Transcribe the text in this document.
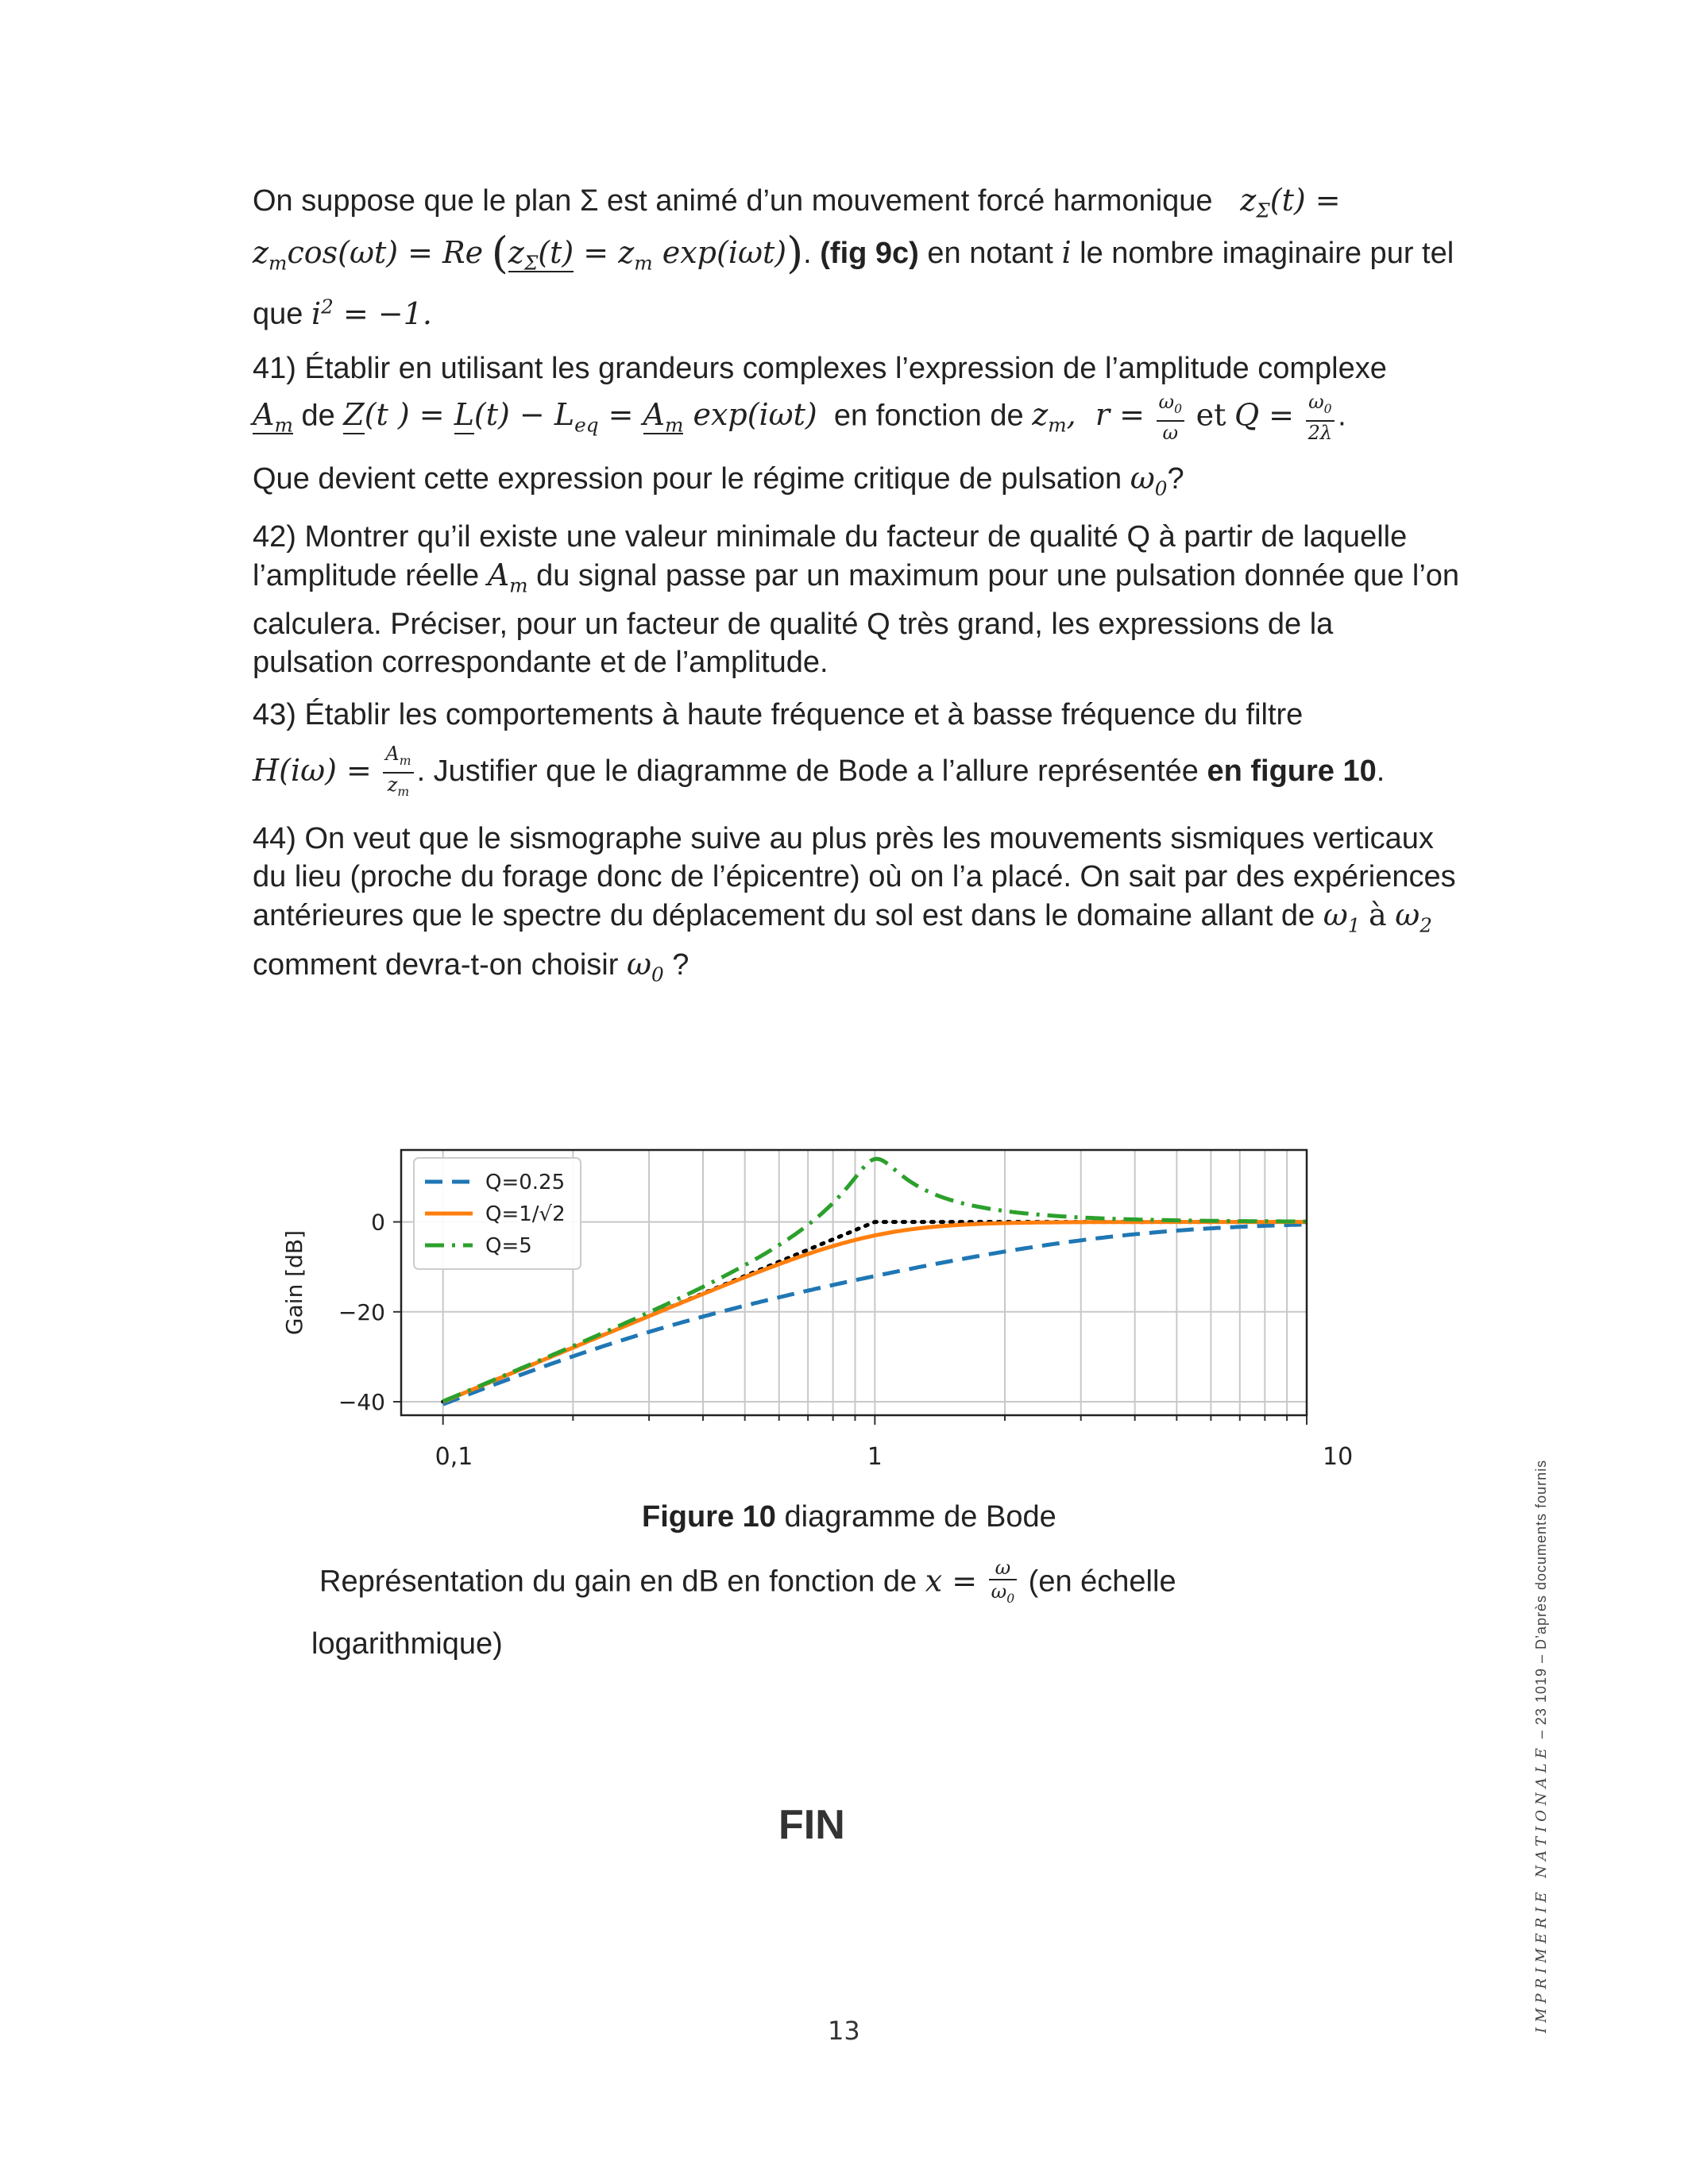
On suppose que le plan Σ est animé d’un mouvement forcé harmonique   $z_\Sigma(t)$ =
$z_m\cos(\omega t) = Re$ ($z_\Sigma(t) = z_m$ exp(iωt)). (fig 9c) en notant i le nombre imaginaire pur tel
que $i^2 = -1$.
41) Établir en utilisant les grandeurs complexes l’expression de l’amplitude complexe
$A_m$ de Z(t ) = $L(t) - L_{eq} = A_m$ exp(iωt) en fonction de $z_m$,  $r = \frac{\omega_0}{\omega}$ et $Q = \frac{\omega_0}{2\lambda}$ .
Que devient cette expression pour le régime critique de pulsation $\omega_0$?
42) Montrer qu’il existe une valeur minimale du facteur de qualité Q à partir de laquelle l’amplitude réelle $A_m$ du signal passe par un maximum pour une pulsation donnée que l’on calculera. Préciser, pour un facteur de qualité Q très grand, les expressions de la pulsation correspondante et de l’amplitude.
43) Établir les comportements à haute fréquence et à basse fréquence du filtre
$H(i\omega) = \frac{A_m}{z_m}$ . Justifier que le diagramme de Bode a l’allure représentée en figure 10.
44) On veut que le sismographe suive au plus près les mouvements sismiques verticaux du lieu (proche du forage donc de l’épicentre) où on l’a placé. On sait par des expériences antérieures que le spectre du déplacement du sol est dans le domaine allant de $\omega_1$ à $\omega_2$ comment devra-t-on choisir $\omega_0$ ?
0
−20
−40
Gain [dB]
0,1	1	10
Q=0.25
Q=1/√2
Q=5
Figure 10 diagramme de Bode
Représentation du gain en dB en fonction de $x = \frac{\omega}{\omega_0} (en$ échelle
logarithmique)
FIN
13	IMPRIMERIE NATIONALE – 23 1019 – D’après documents fournis
